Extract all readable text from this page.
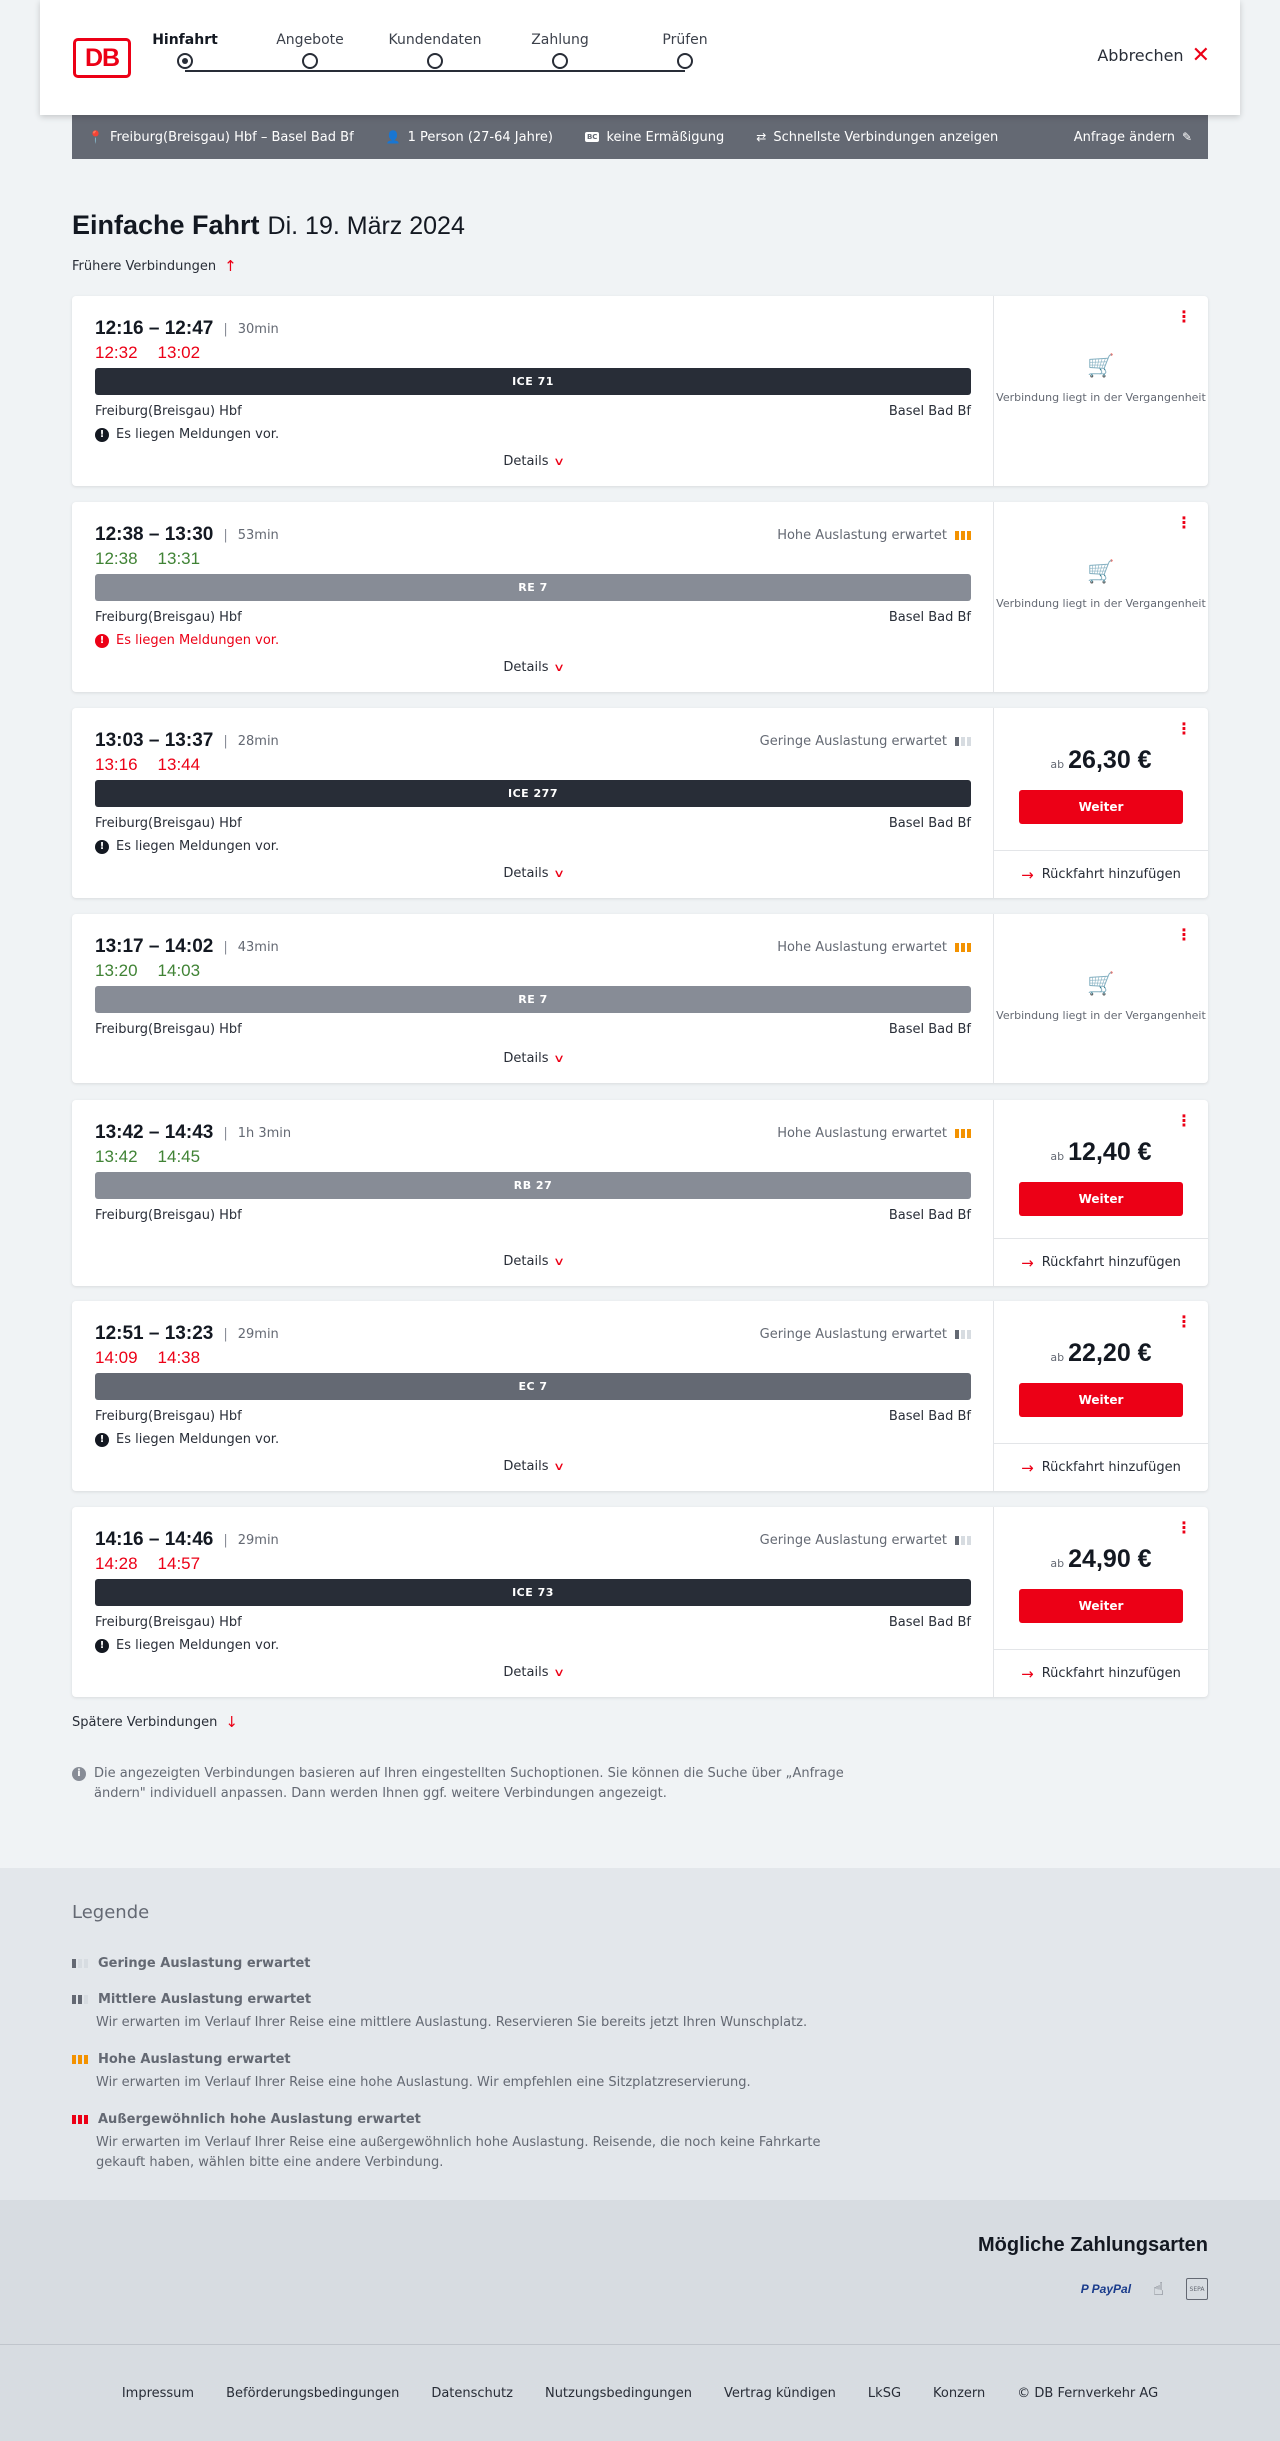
DB
Hinfahrt	Angebote	Kundendaten	Zahlung	Prüfen
Abbrechen ✕
📍 Freiburg(Breisgau) Hbf – Basel Bad Bf	👤 1 Person (27-64 Jahre)	BC keine Ermäßigung	⇄ Schnellste Verbindungen anzeigen	Anfrage ändern ✎
Einfache Fahrt Di. 19. März 2024
Frühere Verbindungen ↑
12:16 – 12:47 | 30min
12:32 13:02
ICE 71
Freiburg(Breisgau) Hbf	Basel Bad Bf
! Es liegen Meldungen vor.
Details ∨
⋮
🛒
Verbindung liegt in der Vergangenheit
12:38 – 13:30 | 53min
12:38 13:31
Hohe Auslastung erwartet
RE 7
Freiburg(Breisgau) Hbf	Basel Bad Bf
! Es liegen Meldungen vor.
Details ∨
⋮
🛒
Verbindung liegt in der Vergangenheit
13:03 – 13:37 | 28min
13:16 13:44
Geringe Auslastung erwartet
ICE 277
Freiburg(Breisgau) Hbf	Basel Bad Bf
! Es liegen Meldungen vor.
Details ∨
⋮
ab 26,30 €
Weiter
→ Rückfahrt hinzufügen
13:17 – 14:02 | 43min
13:20 14:03
Hohe Auslastung erwartet
RE 7
Freiburg(Breisgau) Hbf	Basel Bad Bf
Details ∨
⋮
🛒
Verbindung liegt in der Vergangenheit
13:42 – 14:43 | 1h 3min
13:42 14:45
Hohe Auslastung erwartet
RB 27
Freiburg(Breisgau) Hbf	Basel Bad Bf
Details ∨
⋮
ab 12,40 €
Weiter
→ Rückfahrt hinzufügen
12:51 – 13:23 | 29min
14:09 14:38
Geringe Auslastung erwartet
EC 7
Freiburg(Breisgau) Hbf	Basel Bad Bf
! Es liegen Meldungen vor.
Details ∨
⋮
ab 22,20 €
Weiter
→ Rückfahrt hinzufügen
14:16 – 14:46 | 29min
14:28 14:57
Geringe Auslastung erwartet
ICE 73
Freiburg(Breisgau) Hbf	Basel Bad Bf
! Es liegen Meldungen vor.
Details ∨
⋮
ab 24,90 €
Weiter
→ Rückfahrt hinzufügen
Spätere Verbindungen ↓
i	Die angezeigten Verbindungen basieren auf Ihren eingestellten Suchoptionen. Sie können die Suche über „Anfrage ändern" individuell anpassen. Dann werden Ihnen ggf. weitere Verbindungen angezeigt.
Legende
Geringe Auslastung erwartet
Mittlere Auslastung erwartet
Wir erwarten im Verlauf Ihrer Reise eine mittlere Auslastung. Reservieren Sie bereits jetzt Ihren Wunschplatz.
Hohe Auslastung erwartet
Wir erwarten im Verlauf Ihrer Reise eine hohe Auslastung. Wir empfehlen eine Sitzplatzreservierung.
Außergewöhnlich hohe Auslastung erwartet
Wir erwarten im Verlauf Ihrer Reise eine außergewöhnlich hohe Auslastung. Reisende, die noch keine Fahrkarte gekauft haben, wählen bitte eine andere Verbindung.
Mögliche Zahlungsarten
P PayPal ☝	SEPA
Impressum Beförderungsbedingungen Datenschutz Nutzungsbedingungen Vertrag kündigen LkSG Konzern © DB Fernverkehr AG
